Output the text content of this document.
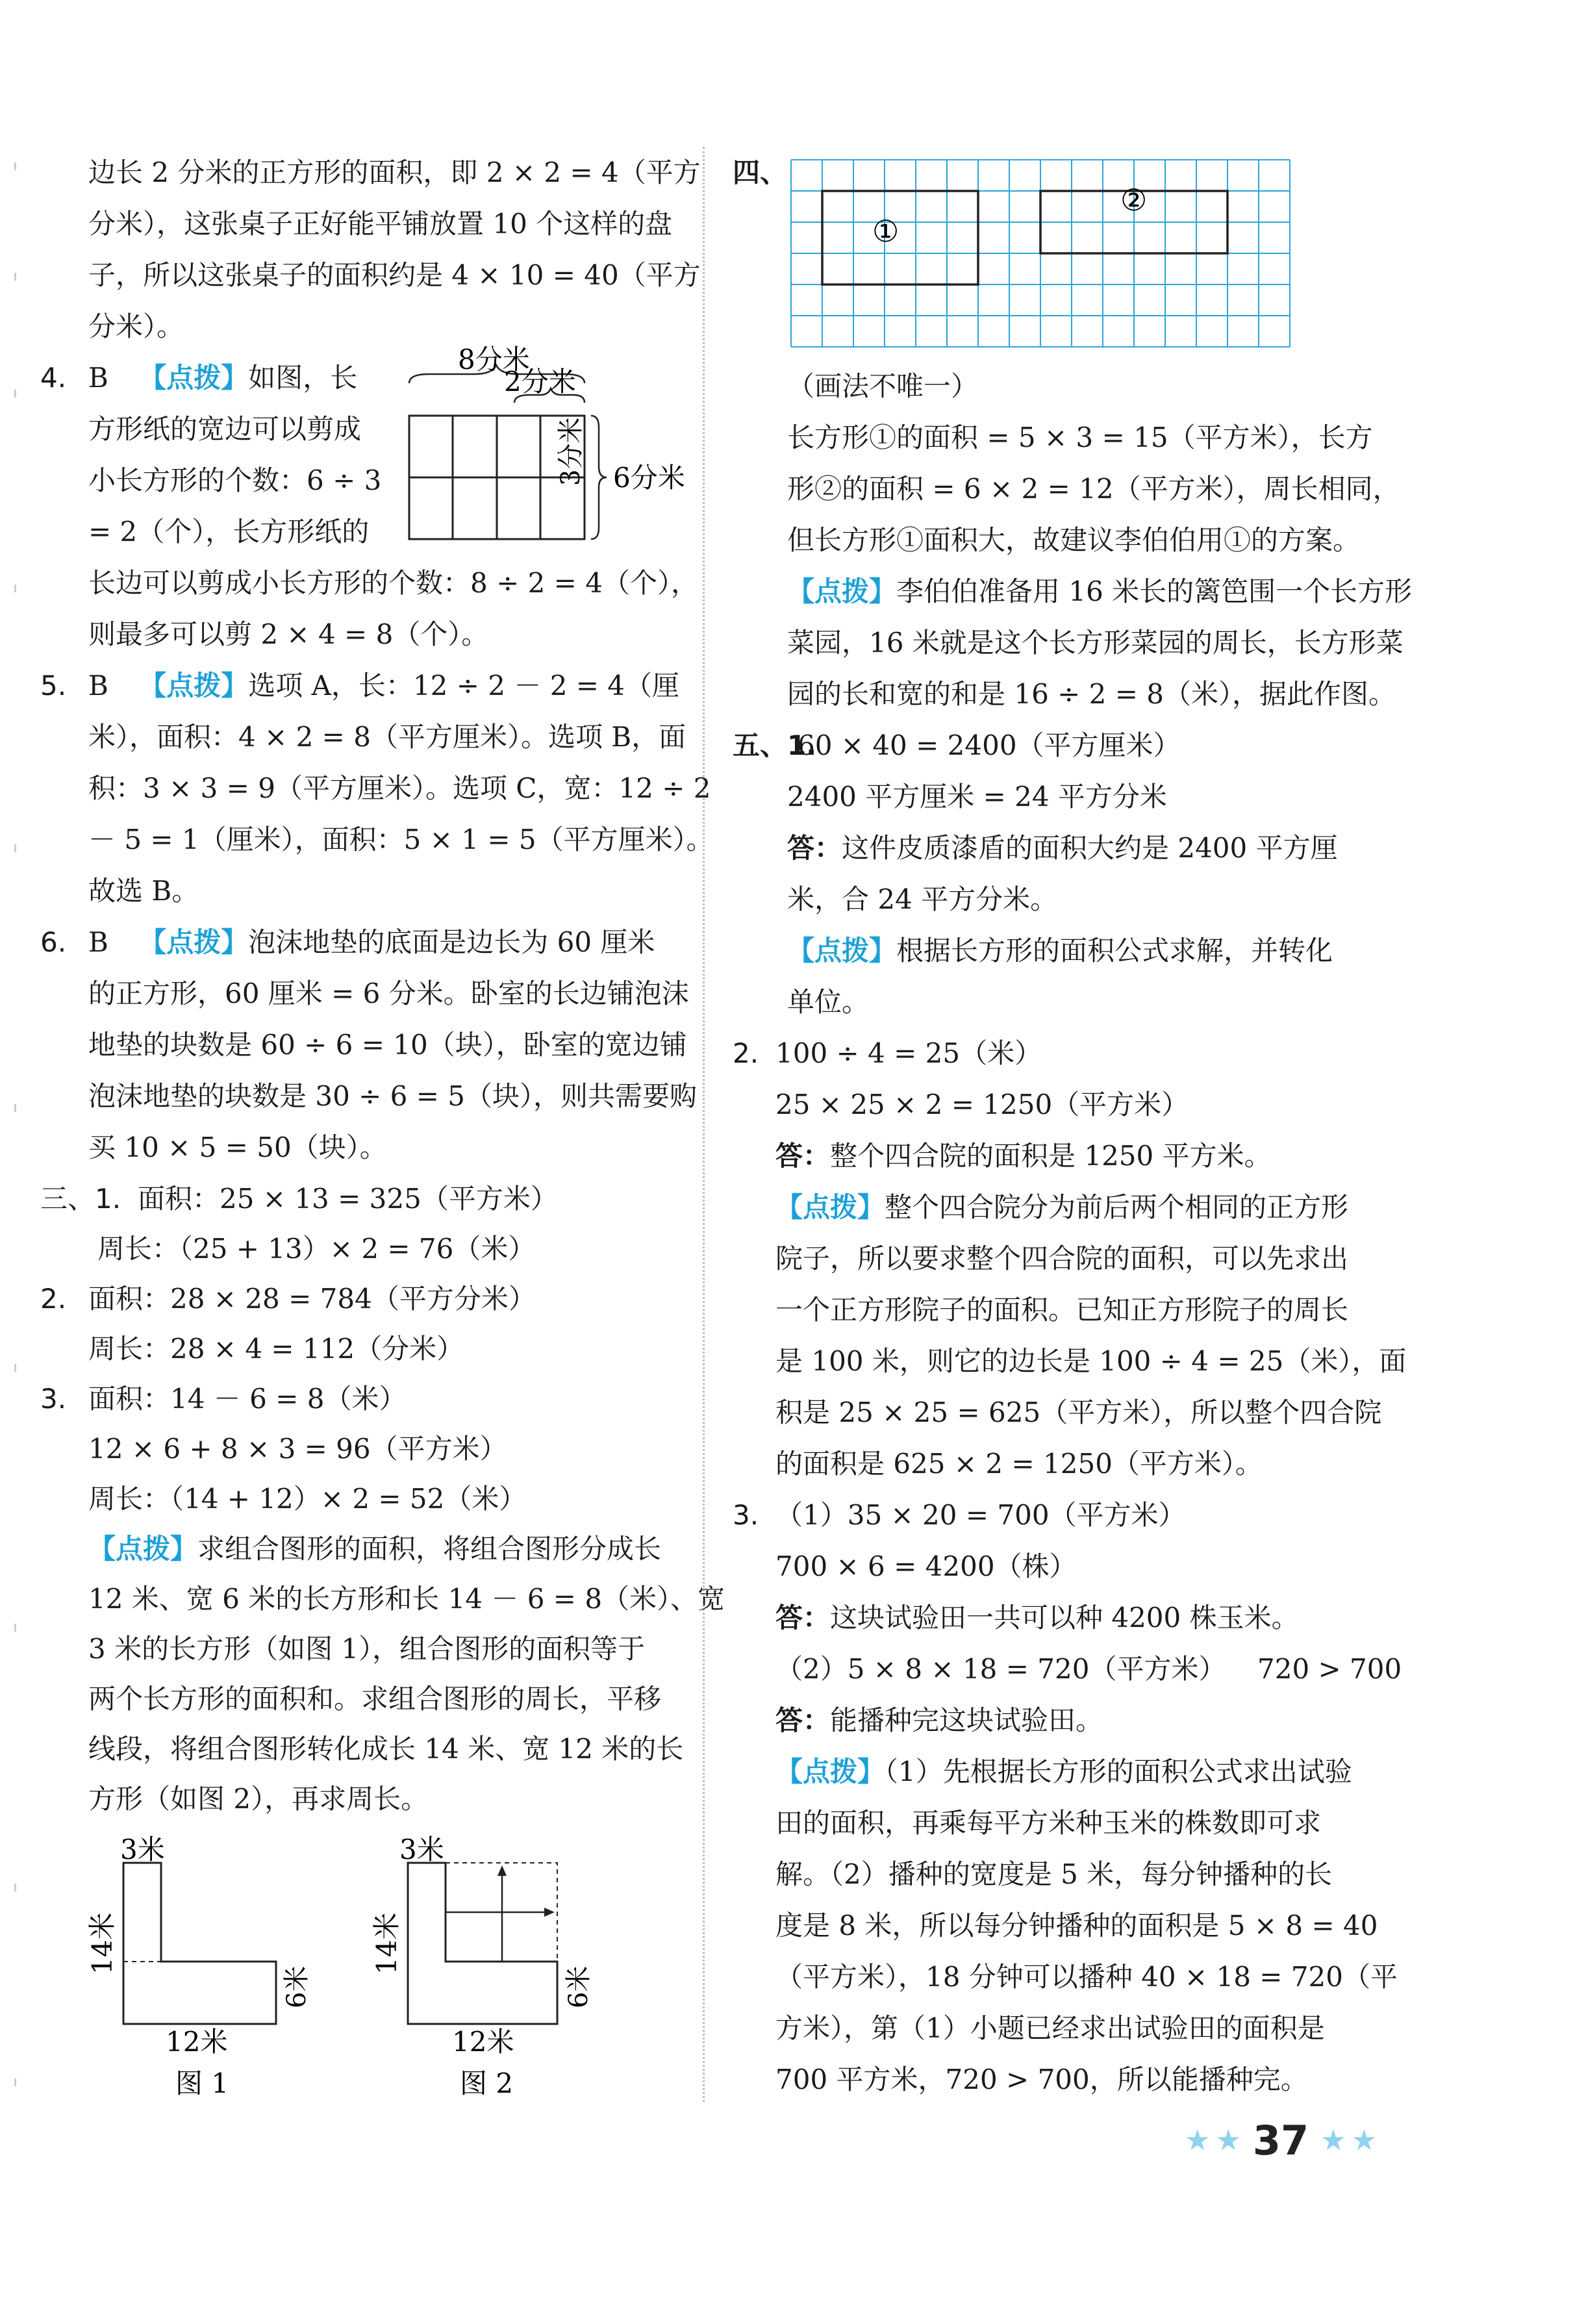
边长 2 分米的正方形的面积，即 2 × 2 = 4（平方
分米），这张桌子正好能平铺放置 10 个这样的盘
子，所以这张桌子的面积约是 4 × 10 = 40（平方
分米）。
4. B 【点拨】如图，长
方形纸的宽边可以剪成
小长方形的个数：6 ÷ 3
= 2（个），长方形纸的
长边可以剪成小长方形的个数：8 ÷ 2 = 4（个），
则最多可以剪 2 × 4 = 8（个）。
8分米
2分米
3分米 6分米
5. B 【点拨】选项 A，长：12 ÷ 2 － 2 = 4（厘
米），面积：4 × 2 = 8（平方厘米）。选项 B，面
积：3 × 3 = 9（平方厘米）。选项 C，宽：12 ÷ 2
－ 5 = 1（厘米），面积：5 × 1 = 5（平方厘米）。
故选 B。
6. B 【点拨】泡沫地垫的底面是边长为 60 厘米
的正方形，60 厘米 = 6 分米。卧室的长边铺泡沫
地垫的块数是 60 ÷ 6 = 10（块），卧室的宽边铺
泡沫地垫的块数是 30 ÷ 6 = 5（块），则共需要购
买 10 × 5 = 50（块）。
三、1. 面积：25 × 13 = 325（平方米）
周长：（25 + 13）× 2 = 76（米）
2. 面积：28 × 28 = 784（平方分米）
周长：28 × 4 = 112（分米）
3. 面积：14 － 6 = 8（米）
12 × 6 + 8 × 3 = 96（平方米）
周长：（14 + 12）× 2 = 52（米）
【点拨】求组合图形的面积，将组合图形分成长
12 米、宽 6 米的长方形和长 14 － 6 = 8（米）、宽
3 米的长方形（如图 1），组合图形的面积等于
两个长方形的面积和。求组合图形的周长，平移
线段，将组合图形转化成长 14 米、宽 12 米的长
方形（如图 2），再求周长。
3米
14米
6米
12米
图 1
3米
14米
6米
12米
图 2
四、
①
②
（画法不唯一）
长方形①的面积 = 5 × 3 = 15（平方米），长方
形②的面积 = 6 × 2 = 12（平方米），周长相同，
但长方形①面积大，故建议李伯伯用①的方案。
【点拨】李伯伯准备用 16 米长的篱笆围一个长方形
菜园，16 米就是这个长方形菜园的周长，长方形菜
园的长和宽的和是 16 ÷ 2 = 8（米），据此作图。
五、1.60 × 40 = 2400（平方厘米）
2400 平方厘米 = 24 平方分米
答：这件皮质漆盾的面积大约是 2400 平方厘
米，合 24 平方分米。
【点拨】根据长方形的面积公式求解，并转化
单位。
2. 100 ÷ 4 = 25（米）
25 × 25 × 2 = 1250（平方米）
答：整个四合院的面积是 1250 平方米。
【点拨】整个四合院分为前后两个相同的正方形
院子，所以要求整个四合院的面积，可以先求出
一个正方形院子的面积。已知正方形院子的周长
是 100 米，则它的边长是 100 ÷ 4 = 25（米），面
积是 25 × 25 = 625（平方米），所以整个四合院
的面积是 625 × 2 = 1250（平方米）。
3. （1）35 × 20 = 700（平方米）
700 × 6 = 4200（株）
答：这块试验田一共可以种 4200 株玉米。
（2）5 × 8 × 18 = 720（平方米） 720 > 700
答：能播种完这块试验田。
【点拨】（1）先根据长方形的面积公式求出试验
田的面积，再乘每平方米种玉米的株数即可求
解。（2）播种的宽度是 5 米，每分钟播种的长
度是 8 米，所以每分钟播种的面积是 5 × 8 = 40
（平方米），18 分钟可以播种 40 × 18 = 720（平
方米），第（1）小题已经求出试验田的面积是
700 平方米，720 > 700，所以能播种完。
★ ★ 37 ★ ★
